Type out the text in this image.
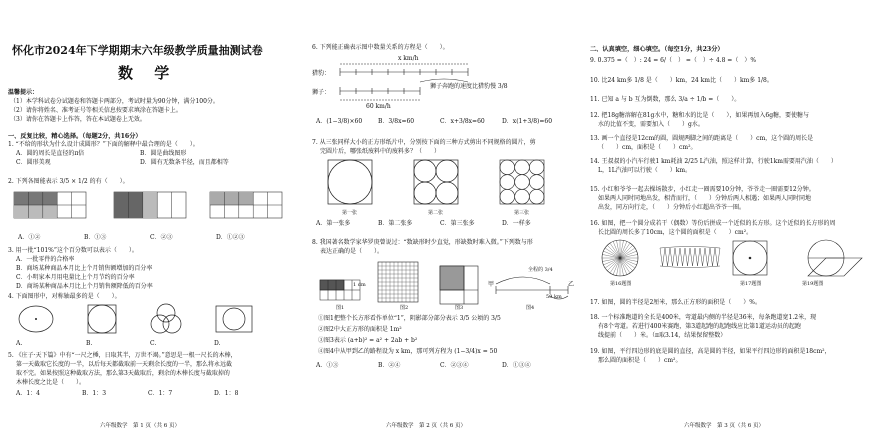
怀化市2024年下学期期末六年级教学质量抽测试卷
数 学
温馨提示：
（1）本学科试卷分试题卷和答题卡两部分，考试时量为90分钟，满分100分。
（2）请你将姓名、准考证号等相关信息按要求填涂在答题卡上。
（3）请你在答题卡上作答，答在本试题卷上无效。
一、反复比较，精心选择。（每题2分，共16分）
1. “不给的形状为什么设计成圆形？”下面的解释中最合理的是（　　）。
A．圆的周长是直径的π倍	B．圆是曲线图形
C．圆形美观	D．圆有无数条半径，而且都相等
2. 下列各图能表示 3/5 × 1/2 的有（　　）。
A．①②	B．①③	C．②③	D．①②③
3. 用一批“101%”这个百分数可以表示（　　）。
A．一批零件的合格率
B．商场某种商品本月比上个月销售额增加的百分率
C．小明家本月用电量比上个月节约的百分率
D．商场某种商品本月比上个月销售额降低的百分率
4. 下面图形中，对称轴最多的是（　　）。
A.	B.	C.	D.
5. 《庄子·天下篇》中有“一尺之棰，日取其半，万世不竭。”意思是一根一尺长的木棒，
第一天截取它长度的一半，以后每天都截取前一天剩余长度的一半，那么将永远截
取不完。如果按照这种截取方法，那么第3天截取后，剩余的木棒长度与截取掉的
木棒长度之比是（　　）。
A．1：4	B．1：3	C．1：7	D．1：8
六年级数学　第 1 页（共 6 页）
6. 下列能正确表示图中数量关系的方程是（　　）。
x km/h
猎豹：
狮子：
狮子奔跑的速度比猎豹慢 3/8
60 km/h
A．(1−3/8)×60	B．3/8x=60	C．x+3/8x=60	D．x(1+3/8)=60
7. 从三张同样大小的正方形纸片中，分别按下面的三种方式剪出不同规格的圆片，剪
完圆片后，哪张纸废料中的废料多？（　　）
第一张	第二张	第三张
A．第一张多	B．第二张多	C．第三张多	D．一样多
8. 我国著名数学家华罗庚曾说过：“数缺形时少直觉，形缺数时难入微。”下列数与形
表达正确的是（　　）。
1 dm
全程的 3/4
甲	乙
50 km
图1	图2	图3	图4
①图1把整个长方形看作单位“1”，阴影部分部分表示 3/5 公顷的 3/5
②图2中大正方形的面积是 1m²
③图3表示 (a+b)² = a² + 2ab + b²
④图4中从甲到乙的路程设为 x km，那可列方程为 (1−3/4)x = 50
A．①③	B．②④	C．②③④	D．①③④
六年级数学　第 2 页（共 6 页）
二、认真填空，细心填空。（每空1分，共23分）
9. 0.375 =（　）: 24 = 6/（　） =（　）÷ 4.8 =（　）%
10. 比24 km多 1/8 是（　　）km，24 km比（　　）km多 1/8。
11. 已知 a 与 b 互为倒数，那么 3/a ÷ 1/b =（　　）。
12. 把18g糖溶解在81g水中，糖和水的比是（　　），如果再加入6g糖，要使糖与
水的比值不变，需要加入（　　）g水。
13. 画一个直径是12cm的圆，圆规两脚之间的距离是（　　）cm，这个圆的周长是
（　　）cm，面积是（　　）cm²。
14. 王叔叔的小汽车行驶1 km耗油 2/25 L汽油，照这样计算，行驶1km需要用汽油（　　）
L，1L汽油可以行驶（　　）km。
15. 小红和爷爷一起去操场散步，小红走一圈需要10分钟，爷爷走一圈需要12分钟。
如果两人同时同地出发，相背而行，（　　）分钟后两人相遇；如果两人同时同地
出发，同方向行走，（　　）分钟后小红超出爷爷一圈。
16. 如图，把一个圆分成若干（偶数）等份后拼成一个近似的长方形。这个近似的长方形的周
长比圆的周长多了10cm，这个圆的面积是（　　）cm²。
第16题图	第17题图	第19题图
17. 如图，圆的半径是2厘米，那么正方形的面积是（　　）%。
18. 一个标准跑道的全长是400米，弯道最内侧的半径是36米，每条跑道宽1.2米，现
有8个弯道。若进行400米赛跑，第3道起跑的起跑线应比第1道运动员的起跑
线提前（　　）米。（π取3.14，结果保留整数）
19. 如图，平行四边形的底是圆的直径，高是圆的半径，如果平行四边形的面积是18cm²，
那么圆的面积是（　　）cm²。
六年级数学　第 3 页（共 6 页）
